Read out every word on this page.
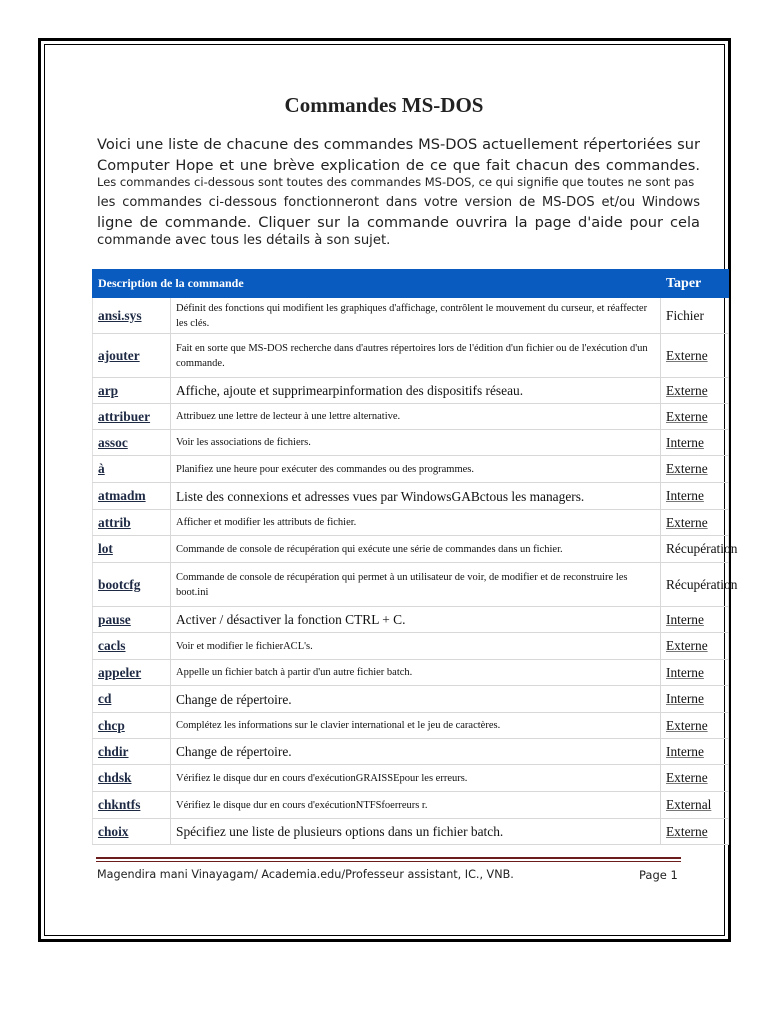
Commandes MS-DOS
Voici une liste de chacune des commandes MS-DOS actuellement répertoriées sur Computer Hope et une brève explication de ce que fait chacun des commandes.
Les commandes ci-dessous sont toutes des commandes MS-DOS, ce qui signifie que toutes ne sont pas
les commandes ci-dessous fonctionneront dans votre version de MS-DOS et/ou Windows
ligne de commande. Cliquer sur la commande ouvrira la page d'aide pour cela
commande avec tous les détails à son sujet.
Description de la commande		Taper
ansi.sys	Définit des fonctions qui modifient les graphiques d'affichage, contrôlent le mouvement du curseur, et réaffecter les clés.	Fichier
ajouter	Fait en sorte que MS-DOS recherche dans d'autres répertoires lors de l'édition d'un fichier ou de l'exécution d'un commande.	Externe
arp	Affiche, ajoute et supprimearpinformation des dispositifs réseau.	Externe
attribuer	Attribuez une lettre de lecteur à une lettre alternative.	Externe
assoc	Voir les associations de fichiers.	Interne
à	Planifiez une heure pour exécuter des commandes ou des programmes.	Externe
atmadm	Liste des connexions et adresses vues par WindowsGABctous les managers.	Interne
attrib	Afficher et modifier les attributs de fichier.	Externe
lot	Commande de console de récupération qui exécute une série de commandes dans un fichier.	Récupération
bootcfg	Commande de console de récupération qui permet à un utilisateur de voir, de modifier et de reconstruire les boot.ini	Récupération
pause	Activer / désactiver la fonction CTRL + C.	Interne
cacls	Voir et modifier le fichierACL's.	Externe
appeler	Appelle un fichier batch à partir d'un autre fichier batch.	Interne
cd	Change de répertoire.	Interne
chcp	Complétez les informations sur le clavier international et le jeu de caractères.	Externe
chdir	Change de répertoire.	Interne
chdsk	Vérifiez le disque dur en cours d'exécutionGRAISSEpour les erreurs.	Externe
chkntfs	Vérifiez le disque dur en cours d'exécutionNTFSfoerreurs r.	External
choix	Spécifiez une liste de plusieurs options dans un fichier batch.	Externe
Magendira mani Vinayagam/ Academia.edu/Professeur assistant, IC., VNB.	Page 1
